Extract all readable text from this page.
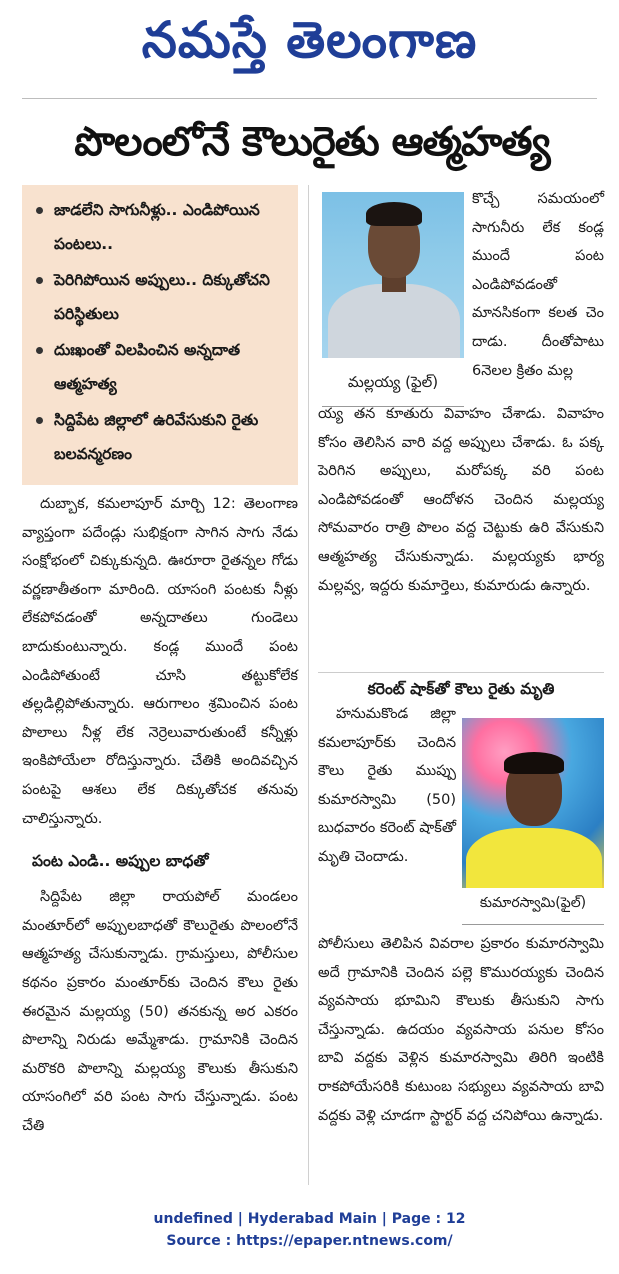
నమస్తే తెలంగాణ
పొలంలోనే కౌలురైతు ఆత్మహత్య
జాడలేని సాగునీళ్లు.. ఎండిపోయిన పంటలు..
పెరిగిపోయిన అప్పులు.. దిక్కుతోచని పరిస్థితులు
దుఃఖంతో విలపించిన అన్నదాత ఆత్మహత్య
సిద్దిపేట జిల్లాలో ఉరివేసుకుని రైతు బలవన్మరణం

దుబ్బాక, కమలాపూర్ మార్చి 12: తెలంగాణ వ్యాప్తంగా పదేండ్లు సుభిక్షంగా సాగిన సాగు నేడు సంక్షోభంలో చిక్కుకున్నది. ఊరూరా రైతన్నల గోడు వర్ణణాతీతంగా మారింది. యాసంగి పంటకు నీళ్లు లేకపోవడంతో అన్నదాతలు గుండెలు బాదుకుంటున్నారు. కండ్ల ముందే పంట ఎండిపోతుంటే చూసి తట్టుకోలేక తల్లడిల్లిపోతున్నారు. ఆరుగాలం శ్రమించిన పంట పొలాలు నీళ్ల లేక నెర్రెలువారుతుంటే కన్నీళ్లు ఇంకిపోయేలా రోదిస్తున్నారు. చేతికి అందివచ్చిన పంటపై ఆశలు లేక దిక్కుతోచక తనువు చాలిస్తున్నారు.

పంట ఎండి.. అప్పుల బాధతో

సిద్దిపేట జిల్లా రాయపోల్ మండలం మంతూర్‌లో అప్పులబాధతో కౌలురైతు పొలంలోనే ఆత్మహత్య చేసుకున్నాడు. గ్రామస్తులు, పోలీసుల కథనం ప్రకారం మంతూర్‌కు చెందిన కౌలు రైతు ఈరమైన మల్లయ్య (50) తనకున్న అర ఎకరం పొలాన్ని నిరుడు అమ్మేశాడు. గ్రామానికి చెందిన మరొకరి పొలాన్ని మల్లయ్య కౌలుకు తీసుకుని యాసంగిలో వరి పంట సాగు చేస్తున్నాడు. పంట చేతి

మల్లయ్య (ఫైల్)

కొచ్చే సమయంలో సాగునీరు లేక కండ్ల ముందే పంట ఎండిపోవడంతో మానసికంగా కలత చెం దాడు. దీంతోపాటు 6నెలల క్రితం మల్ల

య్య తన కూతురు వివాహం చేశాడు. వివాహం కోసం తెలిసిన వారి వద్ద అప్పులు చేశాడు. ఓ పక్క పెరిగిన అప్పులు, మరోపక్క వరి పంట ఎండిపోవడంతో ఆందోళన చెందిన మల్లయ్య సోమవారం రాత్రి పొలం వద్ద చెట్టుకు ఉరి వేసుకుని ఆత్మహత్య చేసుకున్నాడు. మల్లయ్యకు భార్య మల్లవ్వ, ఇద్దరు కుమార్తెలు, కుమారుడు ఉన్నారు.

కరెంట్ షాక్‌తో కౌలు రైతు మృతి

హనుమకొండ జిల్లా కమలాపూర్‌కు చెందిన కౌలు రైతు ముప్పు కుమారస్వామి (50) బుధవారం కరెంట్ షాక్‌తో మృతి చెందాడు.

కుమారస్వామి(ఫైల్)

పోలీసులు తెలిపిన వివరాల ప్రకారం కుమారస్వామి అదే గ్రామానికి చెందిన పల్లె కొమురయ్యకు చెందిన వ్యవసాయ భూమిని కౌలుకు తీసుకుని సాగు చేస్తున్నాడు. ఉదయం వ్యవసాయ పనుల కోసం బావి వద్దకు వెళ్లిన కుమారస్వామి తిరిగి ఇంటికి రాకపోయేసరికి కుటుంబ సభ్యులు వ్యవసాయ బావి వద్దకు వెళ్లి చూడగా స్టార్టర్ వద్ద చనిపోయి ఉన్నాడు.

undefined | Hyderabad Main | Page : 12
Source : https://epaper.ntnews.com/
